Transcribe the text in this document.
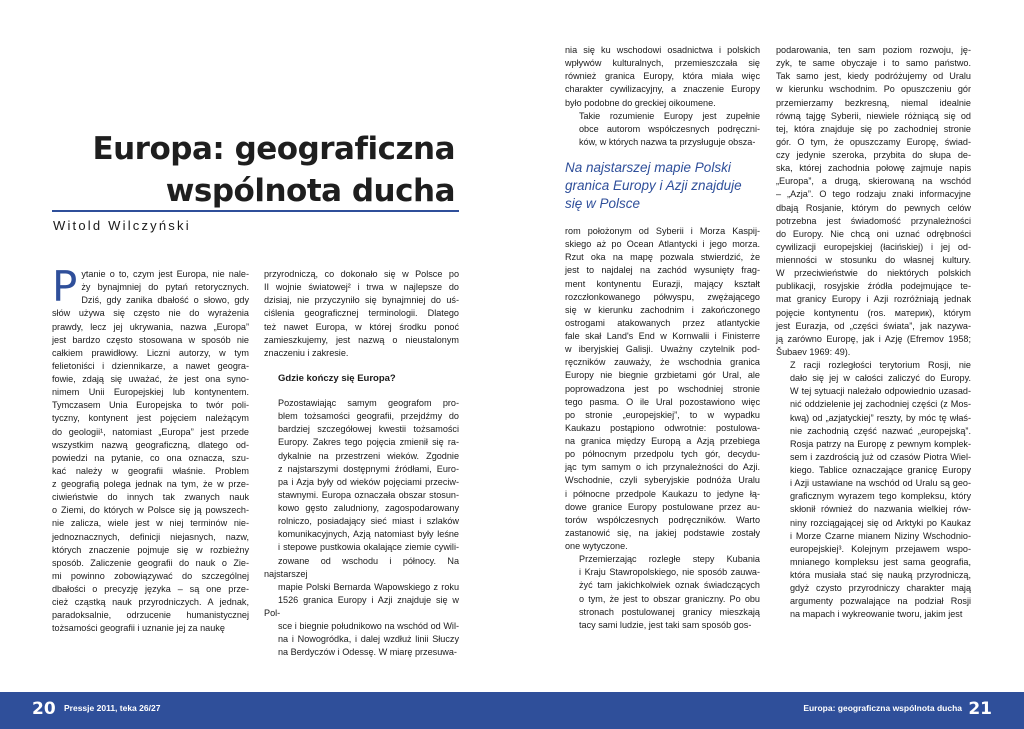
Europa: geograficzna
wspólnota ducha
Witold Wilczyński
P ytanie o to, czym jest Europa, nie nale-
ży bynajmniej do pytań retorycznych.
Dziś, gdy zanika dbałość o słowo, gdy
słów używa się często nie do wyrażenia
prawdy, lecz jej ukrywania, nazwa „Europa”
jest bardzo często stosowana w sposób nie
całkiem prawidłowy. Liczni autorzy, w tym
felietoniści i dziennikarze, a nawet geogra-
fowie, zdają się uważać, że jest ona syno-
nimem Unii Europejskiej lub kontynentem.
Tymczasem Unia Europejska to twór poli-
tyczny, kontynent jest pojęciem należącym
do geologii¹, natomiast „Europa” jest przede
wszystkim nazwą geograficzną, dlatego od-
powiedzi na pytanie, co ona oznacza, szu-
kać należy w geografii właśnie. Problem
z geografią polega jednak na tym, że w prze-
ciwieństwie do innych tak zwanych nauk
o Ziemi, do których w Polsce się ją powszech-
nie zalicza, wiele jest w niej terminów nie-
jednoznacznych, definicji niejasnych, nazw,
których znaczenie pojmuje się w rozbieżny
sposób. Zaliczenie geografii do nauk o Zie-
mi powinno zobowiązywać do szczególnej
dbałości o precyzję języka – są one prze-
cież cząstką nauk przyrodniczych. A jednak,
paradoksalnie, odrzucenie humanistycznej
tożsamości geografii i uznanie jej za naukę

przyrodniczą, co dokonało się w Polsce po
II wojnie światowej² i trwa w najlepsze do
dzisiaj, nie przyczyniło się bynajmniej do uś-
ciślenia geograficznej terminologii. Dlatego
też nawet Europa, w której środku ponoć
zamieszkujemy, jest nazwą o nieustalonym
znaczeniu i zakresie.

Gdzie kończy się Europa?

Pozostawiając samym geografom pro-
blem tożsamości geografii, przejdźmy do
bardziej szczegółowej kwestii tożsamości
Europy. Zakres tego pojęcia zmienił się ra-
dykalnie na przestrzeni wieków. Zgodnie
z najstarszymi dostępnymi źródłami, Euro-
pa i Azja były od wieków pojęciami przeciw-
stawnymi. Europa oznaczała obszar stosun-
kowo gęsto zaludniony, zagospodarowany
rolniczo, posiadający sieć miast i szlaków
komunikacyjnych, Azją natomiast były leśne
i stepowe pustkowia okalające ziemie cywili-
zowane od wschodu i północy. Na najstarszej
mapie Polski Bernarda Wapowskiego z roku
1526 granica Europy i Azji znajduje się w Pol-
sce i biegnie południkowo na wschód od Wil-
na i Nowogródka, i dalej wzdłuż linii Słuczy
na Berdyczów i Odessę. W miarę przesuwa-

nia się ku wschodowi osadnictwa i polskich
wpływów kulturalnych, przemieszczała się
również granica Europy, która miała więc
charakter cywilizacyjny, a znaczenie Europy
było podobne do greckiej oikoumene.

Takie rozumienie Europy jest zupełnie
obce autorom współczesnych podręczni-
ków, w których nazwa ta przysługuje obsza-

Na najstarszej mapie Polski granica Europy i Azji znajduje się w Polsce

rom położonym od Syberii i Morza Kaspij-
skiego aż po Ocean Atlantycki i jego morza.
Rzut oka na mapę pozwala stwierdzić, że
jest to najdalej na zachód wysunięty frag-
ment kontynentu Eurazji, mający kształt
rozczłonkowanego półwyspu, zwężającego
się w kierunku zachodnim i zakończonego
ostrogami atakowanych przez atlantyckie
fale skał Land's End w Kornwalii i Finisterre
w iberyjskiej Galisji. Uważny czytelnik pod-
ręczników zauważy, że wschodnia granica
Europy nie biegnie grzbietami gór Ural, ale
poprowadzona jest po wschodniej stronie
tego pasma. O ile Ural pozostawiono więc
po stronie „europejskiej”, to w wypadku
Kaukazu postąpiono odwrotnie: postulowa-
na granica między Europą a Azją przebiega
po północnym przedpolu tych gór, decydu-
jąc tym samym o ich przynależności do Azji.
Wschodnie, czyli syberyjskie podnóża Uralu
i północne przedpole Kaukazu to jedyne łą-
dowe granice Europy postulowane przez au-
torów współczesnych podręczników. Warto
zastanowić się, na jakiej podstawie zostały
one wytyczone.

Przemierzając rozległe stepy Kubania
i Kraju Stawropolskiego, nie sposób zauwa-
żyć tam jakichkolwiek oznak świadczących
o tym, że jest to obszar graniczny. Po obu
stronach postulowanej granicy mieszkają
tacy sami ludzie, jest taki sam sposób gos-

podarowania, ten sam poziom rozwoju, ję-
zyk, te same obyczaje i to samo państwo.
Tak samo jest, kiedy podróżujemy od Uralu
w kierunku wschodnim. Po opuszczeniu gór
przemierzamy bezkresną, niemal idealnie
równą tajgę Syberii, niewiele różniącą się od
tej, która znajduje się po zachodniej stronie
gór. O tym, że opuszczamy Europę, świad-
czy jedynie szeroka, przybita do słupa de-
ska, której zachodnia połowę zajmuje napis
„Europa”, a drugą, skierowaną na wschód
– „Azja”. O tego rodzaju znaki informacyjne
dbają Rosjanie, którym do pewnych celów
potrzebna jest świadomość przynależności
do Europy. Nie chcą oni uznać odrębności
cywilizacji europejskiej (łacińskiej) i jej od-
mienności w stosunku do własnej kultury.
W przeciwieństwie do niektórych polskich
publikacji, rosyjskie źródła podejmujące te-
mat granicy Europy i Azji rozróżniają jednak
pojęcie kontynentu (ros. материк), którym
jest Eurazja, od „części świata”, jak nazywa-
ją zarówno Europę, jak i Azję (Efremov 1958;
Šubaev 1969: 49).

Z racji rozległości terytorium Rosji, nie
dało się jej w całości zaliczyć do Europy.
W tej sytuacji należało odpowiednio uzasad-
nić oddzielenie jej zachodniej części (z Mos-
kwą) od „azjatyckiej” reszty, by móc tę właś-
nie zachodnią część nazwać „europejską”.
Rosja patrzy na Europę z pewnym komplek-
sem i zazdrością już od czasów Piotra Wiel-
kiego. Tablice oznaczające granicę Europy
i Azji ustawiane na wschód od Uralu są geo-
graficznym wyrazem tego kompleksu, który
skłonił również do nazwania wielkiej rów-
niny rozciągającej się od Arktyki po Kaukaz
i Morze Czarne mianem Niziny Wschodnio-
europejskiej³. Kolejnym przejawem wspo-
mnianego kompleksu jest sama geografia,
która musiała stać się nauką przyrodniczą,
gdyż czysto przyrodniczy charakter mają
argumenty pozwalające na podział Rosji
na mapach i wykreowanie tworu, jakim jest

20 Pressje 2011, teka 26/27	Europa: geograficzna wspólnota ducha 21
